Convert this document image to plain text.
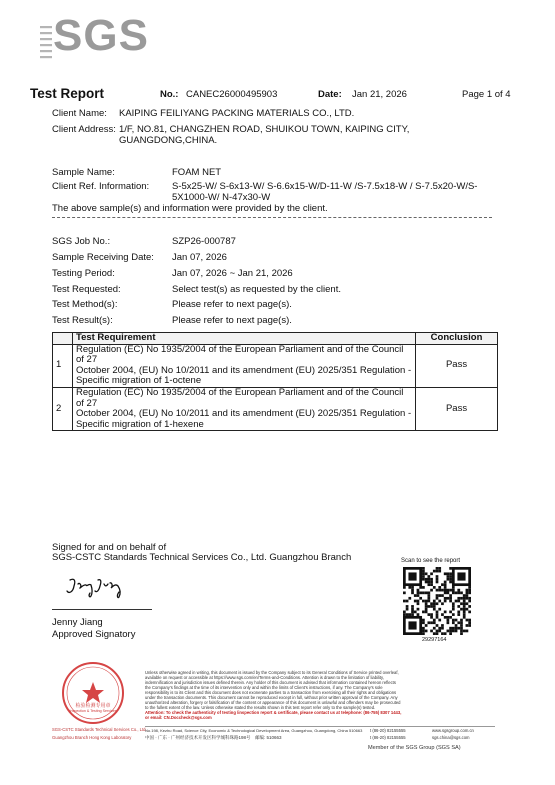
SGS
Test Report	No.: CANEC26000495903	Date: Jan 21, 2026	Page 1 of 4
Client Name: KAIPING FEILIYANG PACKING MATERIALS CO., LTD.
Client Address: 1/F, NO.81, CHANGZHEN ROAD, SHUIKOU TOWN, KAIPING CITY,
GUANGDONG,CHINA.
Sample Name:	FOAM NET
Client Ref. Information: S-5x25-W/ S-6x13-W/ S-6.6x15-W/D-11-W /S-7.5x18-W / S-7.5x20-W/S-
5X1000-W/ N-47x30-W
The above sample(s) and information were provided by the client.
SGS Job No.:	SZP26-000787
Sample Receiving Date: Jan 07, 2026
Testing Period:	Jan 07, 2026 ~ Jan 21, 2026
Test Requested:	Select test(s) as requested by the client.
Test Method(s):	Please refer to next page(s).
Test Result(s):	Please refer to next page(s).
	Test Requirement	Conclusion
1	Regulation (EC) No 1935/2004 of the European Parliament and of the Council of 27
October 2004, (EU) No 10/2011 and its amendment (EU) 2025/351 Regulation -
Specific migration of 1-octene	Pass
2	Regulation (EC) No 1935/2004 of the European Parliament and of the Council of 27
October 2004, (EU) No 10/2011 and its amendment (EU) 2025/351 Regulation -
Specific migration of 1-hexene	Pass
Signed for and on behalf of
SGS-CSTC Standards Technical Services Co., Ltd. Guangzhou Branch
Jenny Jiang
Approved Signatory
Scan to see the report
29297164
检验检测专用章
Inspection & Testing Services
SGS-CSTC Standards Technical Services Co., Ltd.
Guangzhou Branch Hong Kong Laboratory
Unless otherwise agreed in writing, this document is issued by the Company subject to its General Conditions of Service printed overleaf,
available on request or accessible at https://www.sgs.com/en/Terms-and-Conditions. Attention is drawn to the limitation of liability,
indemnification and jurisdiction issues defined therein. Any holder of this document is advised that information contained hereon reflects
the Company's findings at the time of its intervention only and within the limits of Client's instructions, if any. The Company's sole
responsibility is to its Client and this document does not exonerate parties to a transaction from exercising all their rights and obligations
under the transaction documents. This document cannot be reproduced except in full, without prior written approval of the Company. Any
unauthorized alteration, forgery or falsification of the content or appearance of this document is unlawful and offenders may be prosecuted
to the fullest extent of the law. Unless otherwise stated the results shown in this test report refer only to the sample(s) tested.
Attention: To check the authenticity of testing /inspection report & certificate, please contact us at telephone: (86-755) 8307 1443,
or email: CN.Doccheck@sgs.com
No.198, Kezhu Road, Science City, Economic & Technological Development Area, Guangzhou, Guangdong, China 510663
中国 · 广东 · 广州经济技术开发区科学城科珠路198号　邮编: 510663
t (86-20) 82155555
t (86-20) 82155555
www.sgsgroup.com.cn
sgs.china@sgs.com
Member of the SGS Group (SGS SA)
